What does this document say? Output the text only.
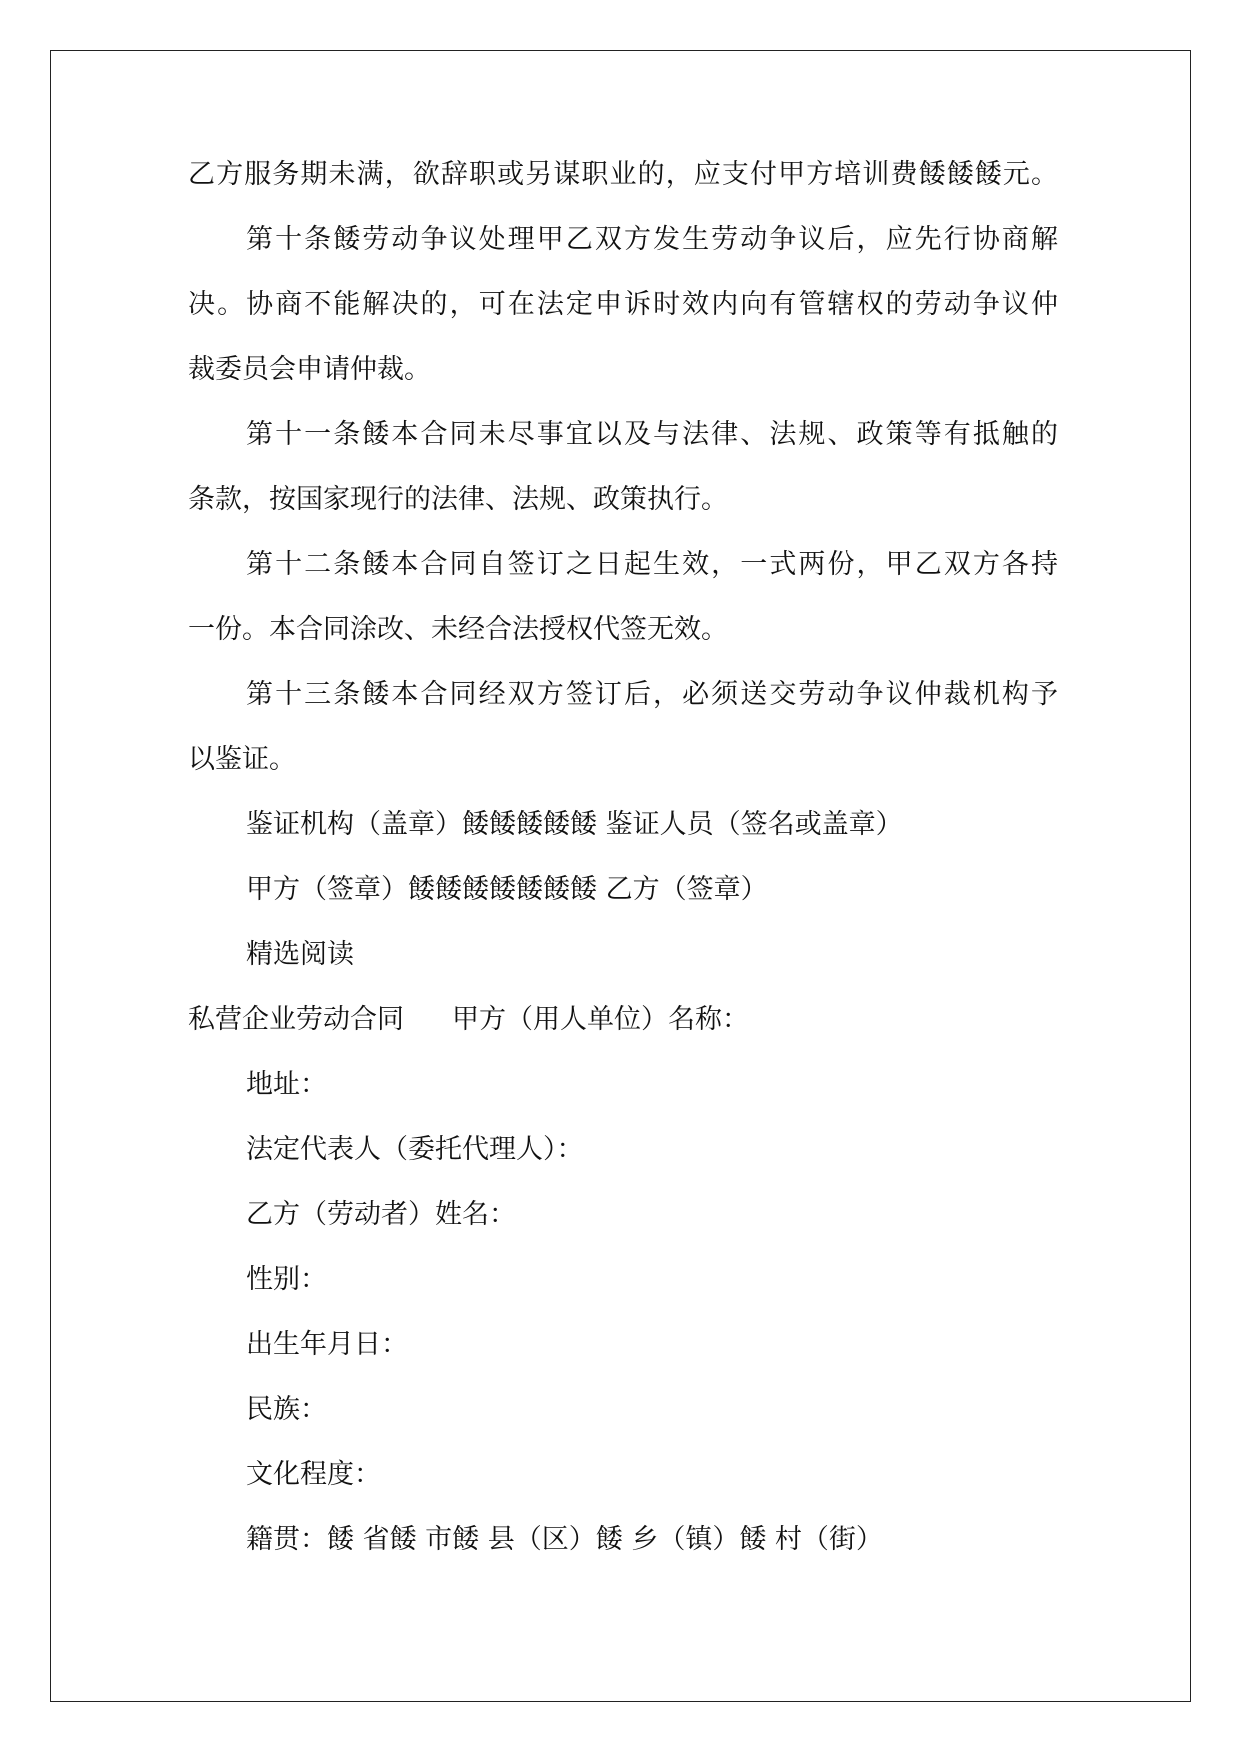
乙方服务期未满，欲辞职或另谋职业的，应支付甲方培训费餧餧餧元。
第十条餧劳动争议处理甲乙双方发生劳动争议后，应先行协商解
决。协商不能解决的，可在法定申诉时效内向有管辖权的劳动争议仲
裁委员会申请仲裁。
第十一条餧本合同未尽事宜以及与法律、法规、政策等有抵触的
条款，按国家现行的法律、法规、政策执行。
第十二条餧本合同自签订之日起生效，一式两份，甲乙双方各持
一份。本合同涂改、未经合法授权代签无效。
第十三条餧本合同经双方签订后，必须送交劳动争议仲裁机构予
以鉴证。
鉴证机构（盖章）餧餧餧餧餧 鉴证人员（签名或盖章）
甲方（签章）餧餧餧餧餧餧餧 乙方（签章）
精选阅读
私营企业劳动合同 甲方（用人单位）名称：
地址：
法定代表人（委托代理人）：
乙方（劳动者）姓名：
性别：
出生年月日：
民族：
文化程度：
籍贯：餧 省餧 市餧 县（区）餧 乡（镇）餧 村（街）
